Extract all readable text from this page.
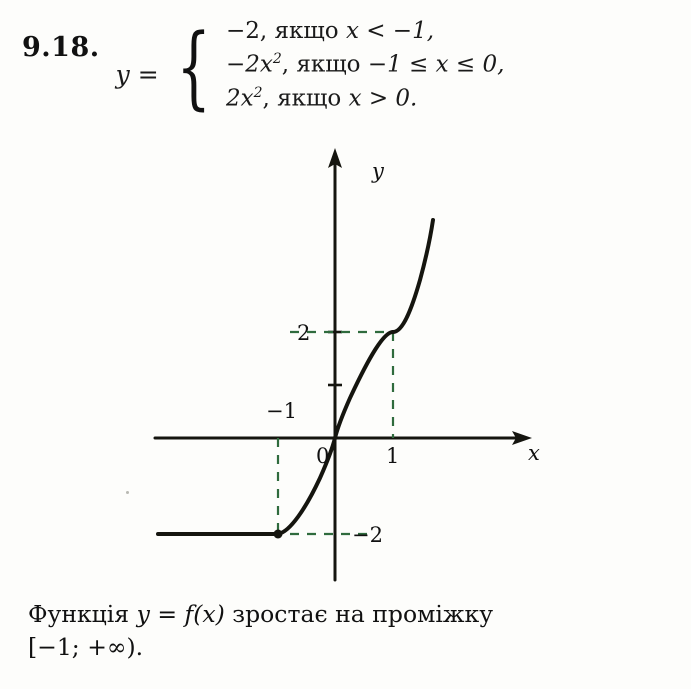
9.18.
y = { −2, якщо x < −1,
$-2x^2$, якщо −1 ≤ x ≤ 0,
$2x^2$, якщо x > 0.
y
x
0
−1
1
2
−2
Функція y = f(x) зростає на проміжку
[−1; +∞).
